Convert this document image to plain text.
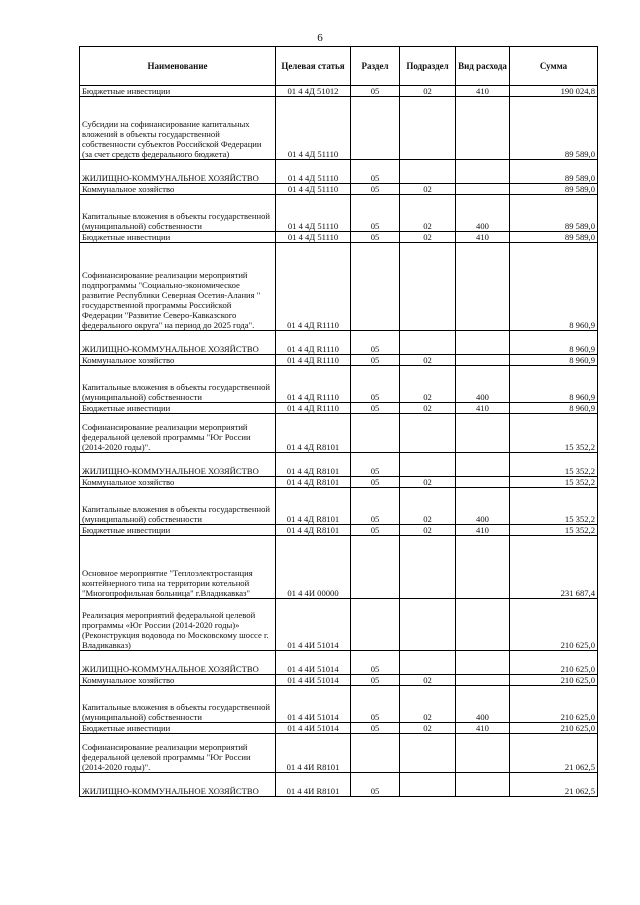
6
Наименование	Целевая статья	Раздел	Подраздел	Вид расхода	Сумма
Бюджетные инвестиции	01 4 4Д 51012	05	02	410	190 024,8
Субсидии на софинансирование капитальных вложений в объекты государственной собственности субъектов Российской Федерации (за счет средств федерального бюджета)	01 4 4Д 51110				89 589,0
ЖИЛИЩНО-КОММУНАЛЬНОЕ ХОЗЯЙСТВО	01 4 4Д 51110	05			89 589,0
Коммунальное хозяйство	01 4 4Д 51110	05	02		89 589,0
Капитальные вложения в объекты государственной (муниципальной) собственности	01 4 4Д 51110	05	02	400	89 589,0
Бюджетные инвестиции	01 4 4Д 51110	05	02	410	89 589,0
Софинансирование реализации мероприятий подпрограммы "Социально-экономическое развитие Республики Северная Осетия-Алания " государственной программы Российской Федерации "Развитие Северо-Кавказского федерального округа" на период до 2025 года".	01 4 4Д R1110				8 960,9
ЖИЛИЩНО-КОММУНАЛЬНОЕ ХОЗЯЙСТВО	01 4 4Д R1110	05			8 960,9
Коммунальное хозяйство	01 4 4Д R1110	05	02		8 960,9
Капитальные вложения в объекты государственной (муниципальной) собственности	01 4 4Д R1110	05	02	400	8 960,9
Бюджетные инвестиции	01 4 4Д R1110	05	02	410	8 960,9
Софинансирование реализации мероприятий федеральной целевой программы "Юг России (2014-2020 годы)".	01 4 4Д R8101				15 352,2
ЖИЛИЩНО-КОММУНАЛЬНОЕ ХОЗЯЙСТВО	01 4 4Д R8101	05			15 352,2
Коммунальное хозяйство	01 4 4Д R8101	05	02		15 352,2
Капитальные вложения в объекты государственной (муниципальной) собственности	01 4 4Д R8101	05	02	400	15 352,2
Бюджетные инвестиции	01 4 4Д R8101	05	02	410	15 352,2
Основное мероприятие "Теплоэлектростанция контейнерного типа на территории котельной "Многопрофильная больница" г.Владикавказ"	01 4 4И 00000				231 687,4
Реализация мероприятий федеральной целевой программы «Юг России (2014-2020 годы)» (Реконструкция водовода по Московскому шоссе г. Владикавказ)	01 4 4И 51014				210 625,0
ЖИЛИЩНО-КОММУНАЛЬНОЕ ХОЗЯЙСТВО	01 4 4И 51014	05			210 625,0
Коммунальное хозяйство	01 4 4И 51014	05	02		210 625,0
Капитальные вложения в объекты государственной (муниципальной) собственности	01 4 4И 51014	05	02	400	210 625,0
Бюджетные инвестиции	01 4 4И 51014	05	02	410	210 625,0
Софинансирование реализации мероприятий федеральной целевой программы "Юг России (2014-2020 годы)".	01 4 4И R8101				21 062,5
ЖИЛИЩНО-КОММУНАЛЬНОЕ ХОЗЯЙСТВО	01 4 4И R8101	05			21 062,5
